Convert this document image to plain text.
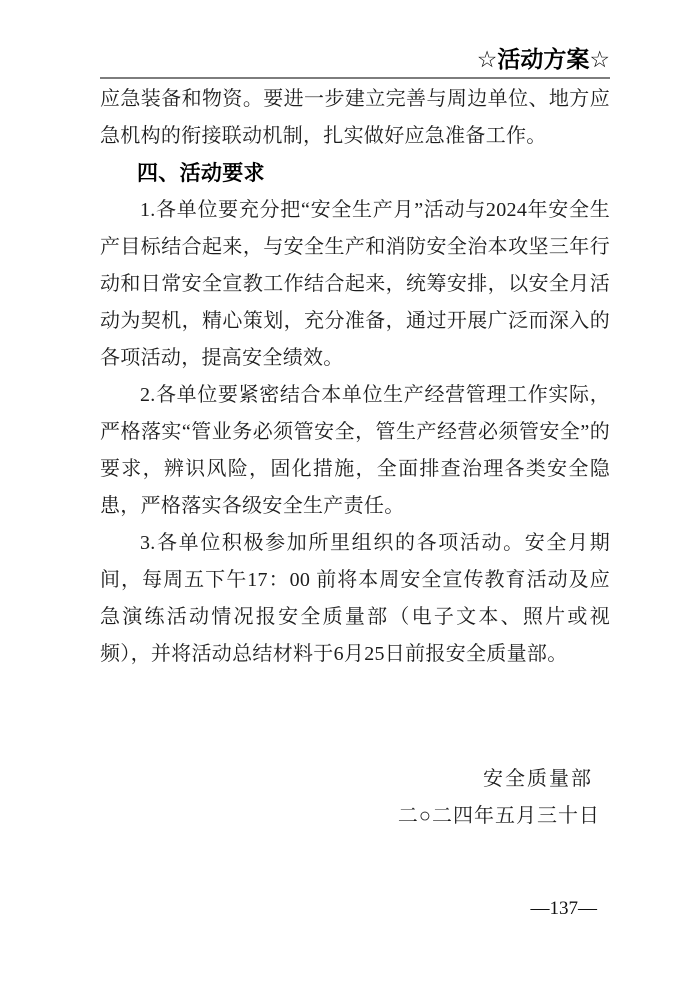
☆活动方案☆

应急装备和物资。要进一步建立完善与周边单位、地方应急机构的衔接联动机制，扎实做好应急准备工作。

四、活动要求

1.各单位要充分把“安全生产月”活动与2024年安全生产目标结合起来，与安全生产和消防安全治本攻坚三年行动和日常安全宣教工作结合起来，统筹安排，以安全月活动为契机，精心策划，充分准备，通过开展广泛而深入的各项活动，提高安全绩效。

2.各单位要紧密结合本单位生产经营管理工作实际，严格落实“管业务必须管安全，管生产经营必须管安全”的要求，辨识风险，固化措施，全面排查治理各类安全隐患，严格落实各级安全生产责任。

3.各单位积极参加所里组织的各项活动。安全月期间，每周五下午17：00 前将本周安全宣传教育活动及应急演练活动情况报安全质量部（电子文本、照片或视频），并将活动总结材料于6月25日前报安全质量部。

安全质量部
二○二四年五月三十日
—137—
